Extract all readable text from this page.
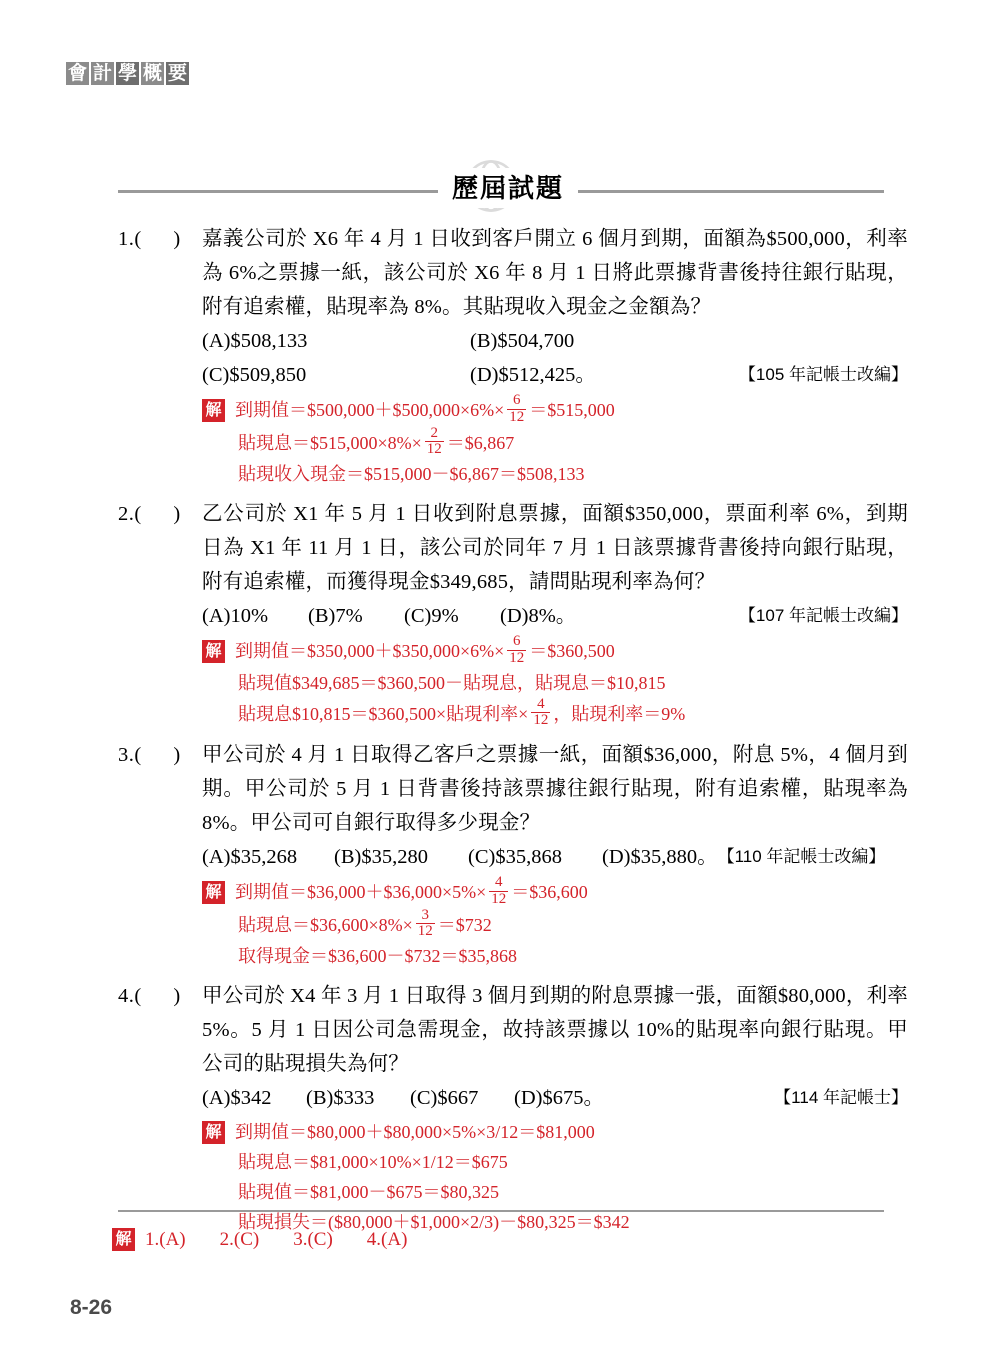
會 計 學 概 要
歷屆試題
1.( )	嘉義公司於 X6 年 4 月 1 日收到客戶開立 6 個月到期，面額為$500,000，利率為 6%之票據一紙，該公司於 X6 年 8 月 1 日將此票據背書後持往銀行貼現，附有追索權，貼現率為 8%。其貼現收入現金之金額為？

(A)$508,133	(B)$504,700
(C)$509,850	(D)$512,425。	【105 年記帳士改編】
解 到期值＝$500,000＋$500,000×6%× $\frac{6}{12}$ ＝$515,000
貼現息＝$515,000×8%× $\frac{2}{12}$ ＝$6,867
貼現收入現金＝$515,000－$6,867＝$508,133
2.( )	乙公司於 X1 年 5 月 1 日收到附息票據，面額$350,000，票面利率 6%，到期日為 X1 年 11 月 1 日，該公司於同年 7 月 1 日該票據背書後持向銀行貼現，附有追索權，而獲得現金$349,685，請問貼現利率為何？

(A)10%	(B)7%	(C)9%	(D)8%。	【107 年記帳士改編】
解 到期值＝$350,000＋$350,000×6%× $\frac{6}{12}$ ＝$360,500
貼現值$349,685＝$360,500－貼現息，貼現息＝$10,815
貼現息$10,815＝$360,500×貼現利率× $\frac{4}{12}$ ，貼現利率＝9%
3.( )	甲公司於 4 月 1 日取得乙客戶之票據一紙，面額$36,000，附息 5%，4 個月到期。甲公司於 5 月 1 日背書後持該票據往銀行貼現，附有追索權，貼現率為 8%。甲公司可自銀行取得多少現金？

(A)$35,268	(B)$35,280	(C)$35,868	(D)$35,880。 【110 年記帳士改編】
解 到期值＝$36,000＋$36,000×5%× $\frac{4}{12}$ ＝$36,600
貼現息＝$36,600×8%× $\frac{3}{12}$ ＝$732
取得現金＝$36,600－$732＝$35,868
4.( )	甲公司於 X4 年 3 月 1 日取得 3 個月到期的附息票據一張，面額$80,000，利率 5%。5 月 1 日因公司急需現金，故持該票據以 10%的貼現率向銀行貼現。甲公司的貼現損失為何？

(A)$342	(B)$333	(C)$667	(D)$675。	【114 年記帳士】
解 到期值＝$80,000＋$80,000×5%×3/12＝$81,000
貼現息＝$81,000×10%×1/12＝$675
貼現值＝$81,000－$675＝$80,325
貼現損失＝($80,000＋$1,000×2/3)－$80,325＝$342
解 1.(A) 2.(C) 3.(C) 4.(A)
8-26
